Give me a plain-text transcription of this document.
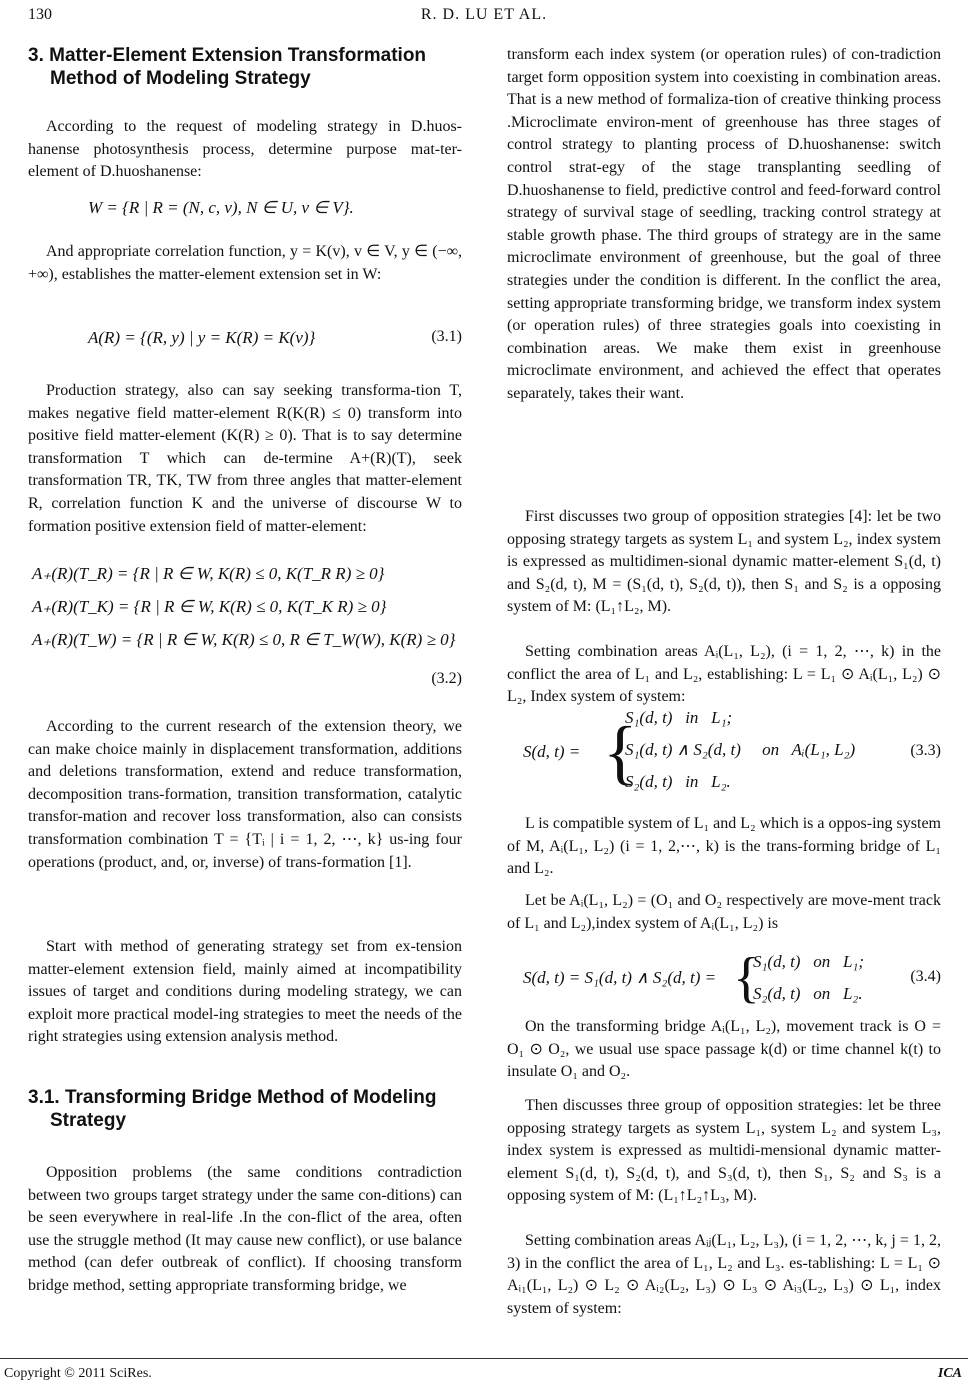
130	R. D. LU ET AL.
3. Matter-Element Extension Transformation Method of Modeling Strategy

According to the request of modeling strategy in D.huos-hanense photosynthesis process, determine purpose mat-ter-element of D.huoshanense:

W = {R | R = (N, c, v), N ∈ U, v ∈ V}.

And appropriate correlation function, y = K(v), v ∈ V, y ∈ (−∞, +∞), establishes the matter-element extension set in W:

A(R) = {(R, y) | y = K(R) = K(v)}	(3.1)

Production strategy, also can say seeking transforma-tion T, makes negative field matter-element R(K(R) ≤ 0) transform into positive field matter-element (K(R) ≥ 0). That is to say determine transformation T which can de-termine A+(R)(T), seek transformation TR, TK, TW from three angles that matter-element R, correlation function K and the universe of discourse W to formation positive extension field of matter-element:

A₊(R)(T_R) = {R | R ∈ W, K(R) ≤ 0, K(T_R R) ≥ 0}
A₊(R)(T_K) = {R | R ∈ W, K(R) ≤ 0, K(T_K R) ≥ 0}
A₊(R)(T_W) = {R | R ∈ W, K(R) ≤ 0, R ∈ T_W(W), K(R) ≥ 0}
(3.2)

According to the current research of the extension theory, we can make choice mainly in displacement transformation, additions and deletions transformation, extend and reduce transformation, decomposition trans-formation, transition transformation, catalytic transfor-mation and recover loss transformation, also can consists transformation combination T = {Tᵢ | i = 1, 2, ⋯, k} us-ing four operations (product, and, or, inverse) of trans-formation [1].

Start with method of generating strategy set from ex-tension matter-element extension field, mainly aimed at incompatibility issues of target and conditions during modeling strategy, we can exploit more practical model-ing strategies to meet the needs of the right strategies using extension analysis method.

3.1. Transforming Bridge Method of Modeling Strategy

Opposition problems (the same conditions contradiction between two groups target strategy under the same con-ditions) can be seen everywhere in real-life .In the con-flict of the area, often use the struggle method (It may cause new conflict), or use balance method (can defer outbreak of conflict). If choosing transform bridge method, setting appropriate transforming bridge, we

transform each index system (or operation rules) of con-tradiction target form opposition system into coexisting in combination areas. That is a new method of formaliza-tion of creative thinking process .Microclimate environ-ment of greenhouse has three stages of control strategy to planting process of D.huoshanense: switch control strat-egy of the stage transplanting seedling of D.huoshanense to field, predictive control and feed-forward control strategy of survival stage of seedling, tracking control strategy at stable growth phase. The third groups of strategy are in the same microclimate environment of greenhouse, but the goal of three strategies under the condition is different. In the conflict the area, setting appropriate transforming bridge, we transform index system (or operation rules) of three strategies goals into coexisting in combination areas. We make them exist in greenhouse microclimate environment, and achieved the effect that operates separately, takes their want.

First discusses two group of opposition strategies [4]: let be two opposing strategy targets as system L₁ and system L₂, index system is expressed as multidimen-sional dynamic matter-element S₁(d, t) and S₂(d, t), M = (S₁(d, t), S₂(d, t)), then S₁ and S₂ is a opposing system of M: (L₁↑L₂, M).

Setting combination areas Aᵢ(L₁, L₂), (i = 1, 2, ⋯, k) in the conflict the area of L₁ and L₂, establishing: L = L₁ ⊙ Aᵢ(L₁, L₂) ⊙ L₂, Index system of system:

S(d, t) = {
S₁(d, t)   in   L₁;
S₁(d, t) ∧ S₂(d, t)     on   Aᵢ(L₁, L₂)
S₂(d, t)   in   L₂.
(3.3)

L is compatible system of L₁ and L₂ which is a oppos-ing system of M, Aᵢ(L₁, L₂) (i = 1, 2,⋯, k) is the trans-forming bridge of L₁ and L₂.

Let be Aᵢ(L₁, L₂) = (O₁ and O₂ respectively are move-ment track of L₁ and L₂),index system of Aᵢ(L₁, L₂) is

S(d, t) = S₁(d, t) ∧ S₂(d, t) = {
S₁(d, t)   on   L₁;
S₂(d, t)   on   L₂.
(3.4)

On the transforming bridge Aᵢ(L₁, L₂), movement track is O = O₁ ⊙ O₂, we usual use space passage k(d) or time channel k(t) to insulate O₁ and O₂.

Then discusses three group of opposition strategies: let be three opposing strategy targets as system L₁, system L₂ and system L₃, index system is expressed as multidi-mensional dynamic matter-element S₁(d, t), S₂(d, t), and S₃(d, t), then S₁, S₂ and S₃ is a opposing system of M: (L₁↑L₂↑L₃, M).

Setting combination areas Aᵢⱼ(L₁, L₂, L₃), (i = 1, 2, ⋯, k, j = 1, 2, 3) in the conflict the area of L₁, L₂ and L₃. es-tablishing: L = L₁ ⊙ Aᵢ₁(L₁, L₂) ⊙ L₂ ⊙ Aᵢ₂(L₂, L₃) ⊙ L₃ ⊙ Aᵢ₃(L₂, L₃) ⊙ L₁, index system of system:

Copyright © 2011 SciRes.	ICA
